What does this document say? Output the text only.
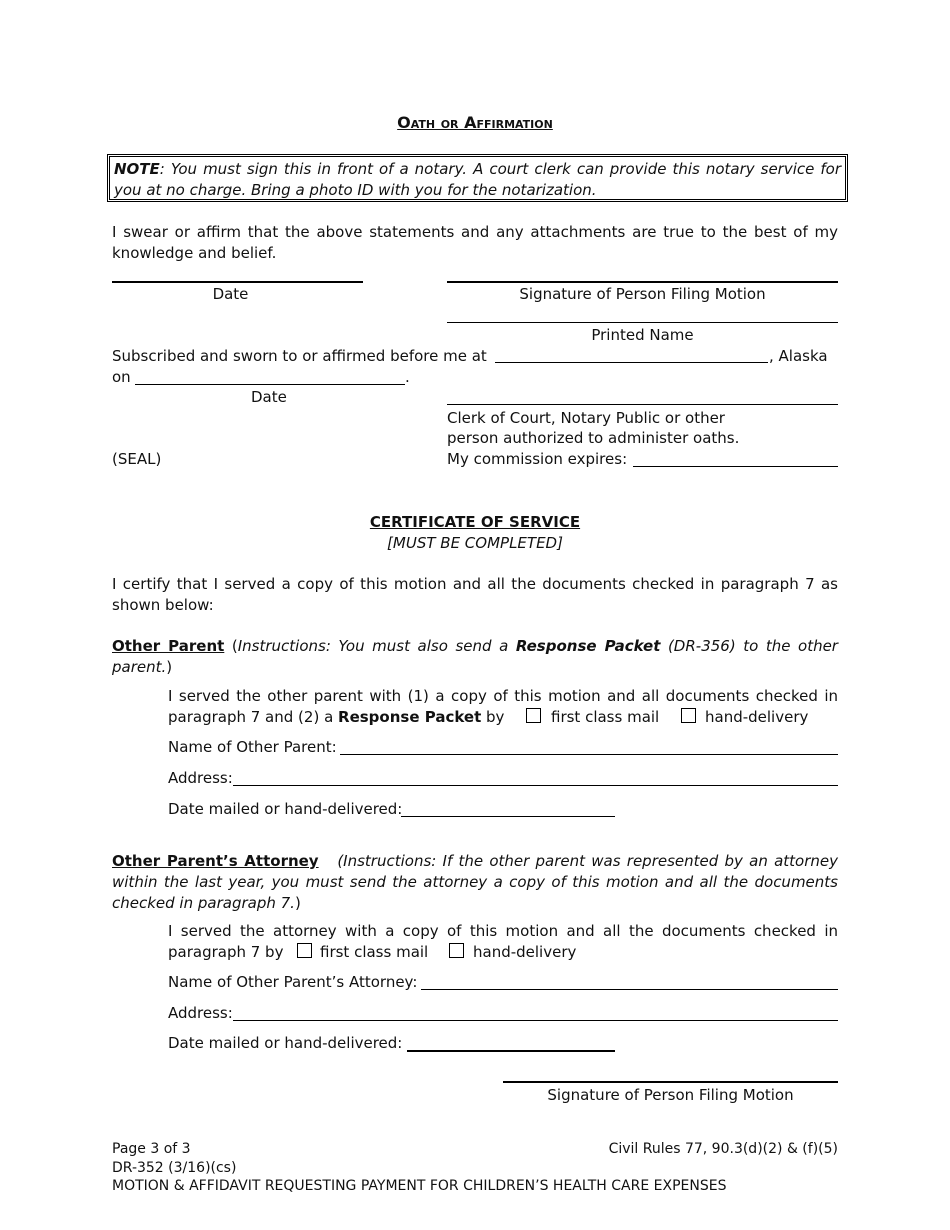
Oath or Affirmation
NOTE: You must sign this in front of a notary. A court clerk can provide this notary service for you at no charge. Bring a photo ID with you for the notarization.
I swear or affirm that the above statements and any attachments are true to the best of my knowledge and belief.
Date	Signature of Person Filing Motion
Printed Name
Subscribed and sworn to or affirmed before me at	, Alaska
on	.
Date
Clerk of Court, Notary Public or other
person authorized to administer oaths.
My commission expires:
(SEAL)
CERTIFICATE OF SERVICE
[MUST BE COMPLETED]
I certify that I served a copy of this motion and all the documents checked in paragraph 7 as shown below:
Other Parent (Instructions: You must also send a Response Packet (DR-356) to the other parent.)
I served the other parent with (1) a copy of this motion and all documents checked in
paragraph 7 and (2) a Response Packet by	first class mail	hand-delivery
Name of Other Parent:
Address:
Date mailed or hand-delivered:
Other Parent’s Attorney (Instructions: If the other parent was represented by an attorney within the last year, you must send the attorney a copy of this motion and all the documents checked in paragraph 7.)
I served the attorney with a copy of this motion and all the documents checked in
paragraph 7 by first class mail	hand-delivery
Name of Other Parent’s Attorney:
Address:
Date mailed or hand-delivered:
Signature of Person Filing Motion
Page 3 of 3
DR-352 (3/16)(cs)
MOTION & AFFIDAVIT REQUESTING PAYMENT FOR CHILDREN’S HEALTH CARE EXPENSES
Civil Rules 77, 90.3(d)(2) & (f)(5)
